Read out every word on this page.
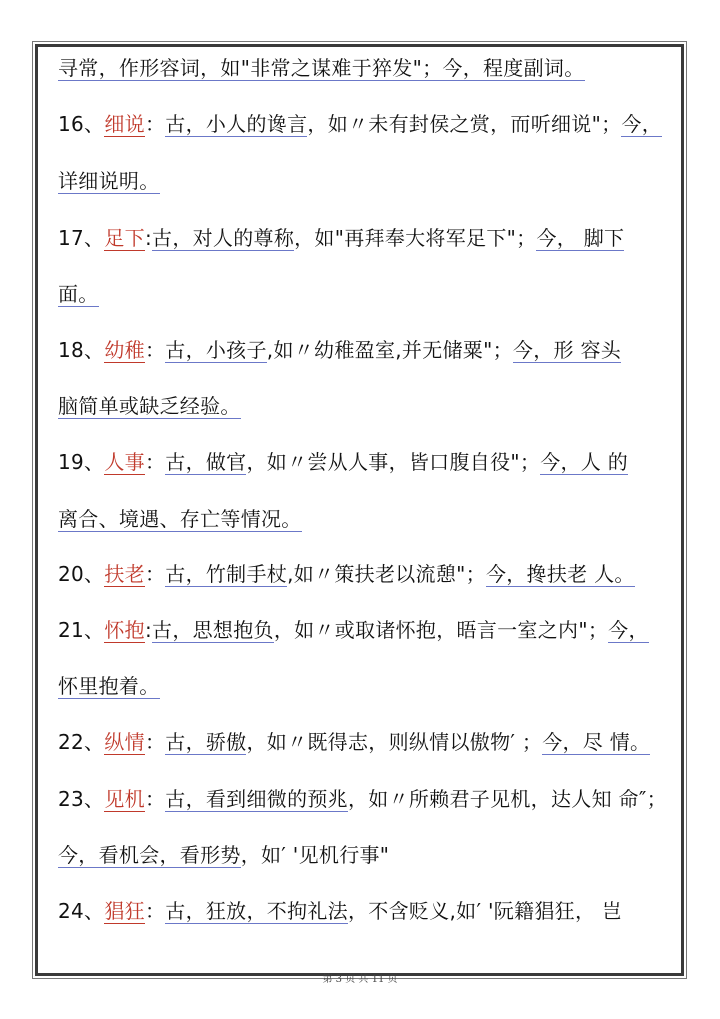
寻常，作形容词，如"非常之谋难于猝发"；今，程度副词。
16、细说：古，小人的谗言，如〃未有封侯之赏，而听细说"；今，
详细说明。
17、足下:古，对人的尊称，如"再拜奉大将军足下"；今， 脚下
面。
18、幼稚：古，小孩子,如〃幼稚盈室,并无储粟"；今，形 容头
脑简单或缺乏经验。
19、人事：古，做官，如〃尝从人事，皆口腹自役"；今，人 的
离合、境遇、存亡等情况。
20、扶老：古，竹制手杖,如〃策扶老以流憩"；今，搀扶老 人。
21、怀抱:古，思想抱负，如〃或取诸怀抱，晤言一室之内"；今，
怀里抱着。
22、纵情：古，骄傲，如〃既得志，则纵情以傲物′ ；今，尽 情。
23、见机：古，看到细微的预兆，如〃所赖君子见机，达人知 命″；
今，看机会，看形势，如′ '见机行事"
24、猖狂：古，狂放，不拘礼法，不含贬义,如′ '阮籍猖狂， 岂
第 3 页 共 11 页
